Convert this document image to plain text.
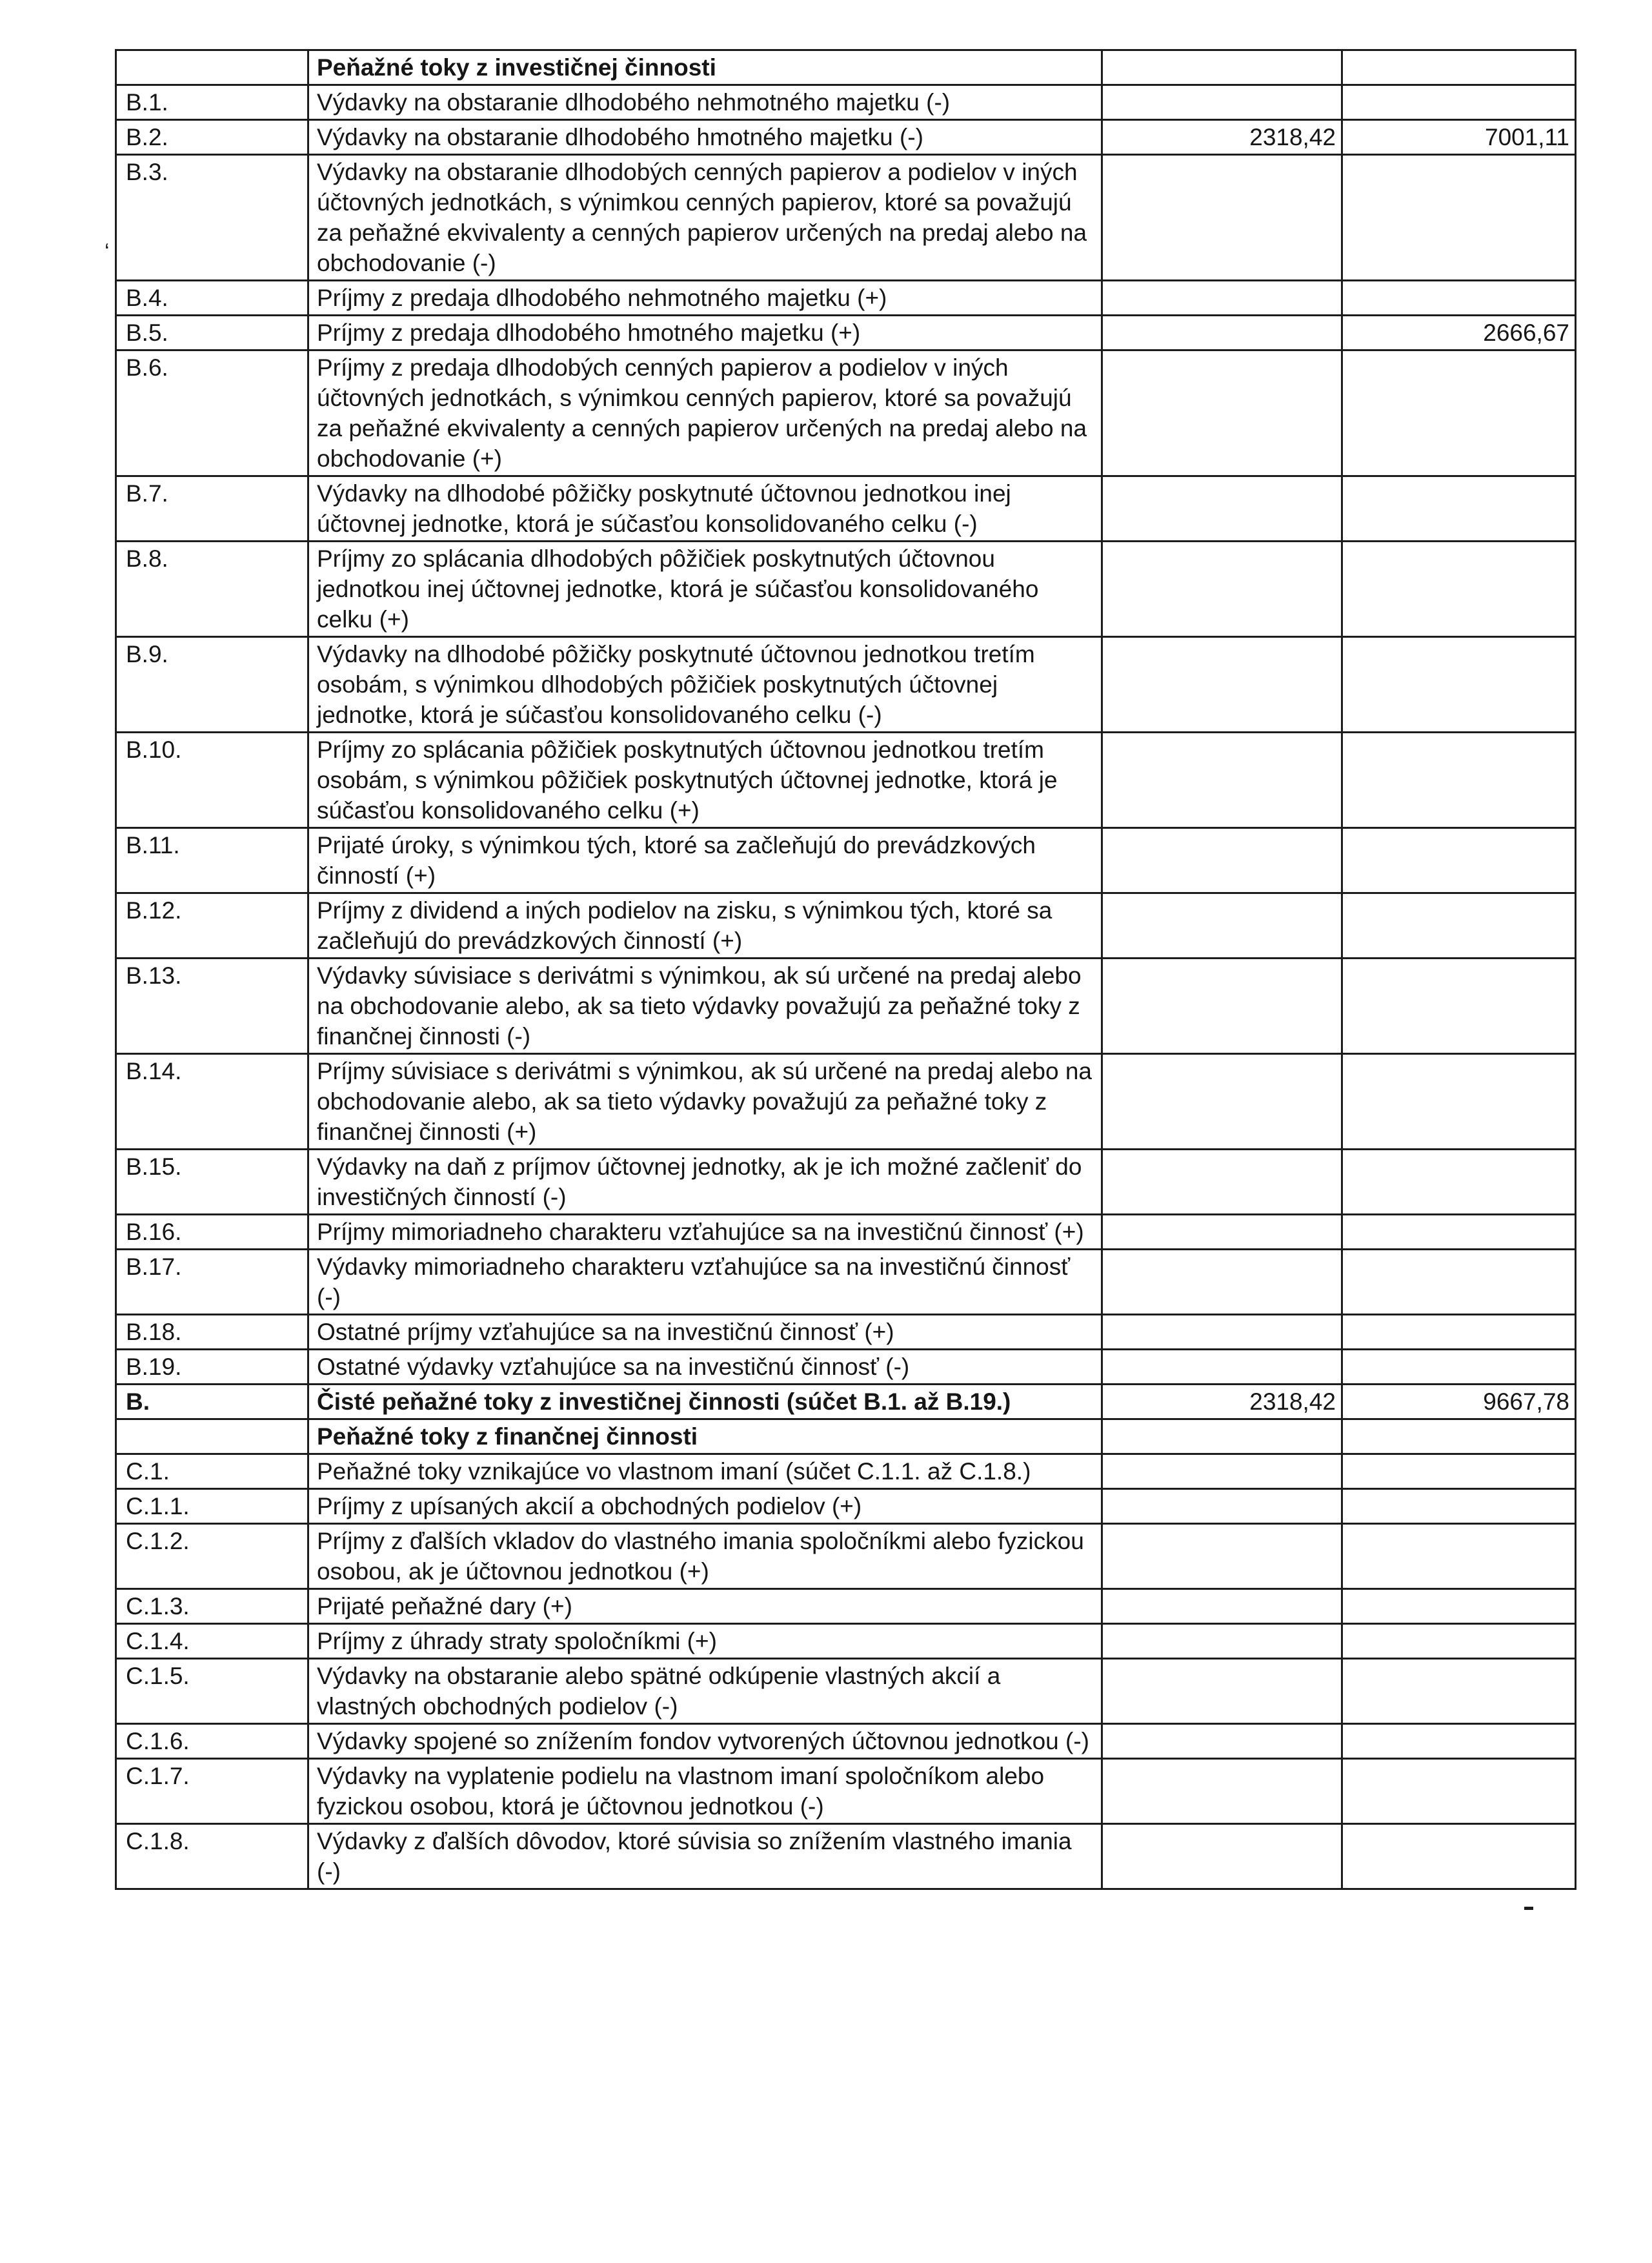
ʻ
	Peňažné toky z investičnej činnosti		
B.1.	Výdavky na obstaranie dlhodobého nehmotného majetku (-)		
B.2.	Výdavky na obstaranie dlhodobého hmotného majetku (-)	2318,42	7001,11
B.3.	Výdavky na obstaranie dlhodobých cenných papierov a podielov v iných účtovných jednotkách, s výnimkou cenných papierov, ktoré sa považujú za peňažné ekvivalenty a cenných papierov určených na predaj alebo na obchodovanie (-)		
B.4.	Príjmy z predaja dlhodobého nehmotného majetku (+)		
B.5.	Príjmy z predaja dlhodobého hmotného majetku (+)		2666,67
B.6.	Príjmy z predaja dlhodobých cenných papierov a podielov v iných účtovných jednotkách, s výnimkou cenných papierov, ktoré sa považujú za peňažné ekvivalenty a cenných papierov určených na predaj alebo na obchodovanie (+)		
B.7.	Výdavky na dlhodobé pôžičky poskytnuté účtovnou jednotkou inej účtovnej jednotke, ktorá je súčasťou konsolidovaného celku (-)		
B.8.	Príjmy zo splácania dlhodobých pôžičiek poskytnutých účtovnou jednotkou inej účtovnej jednotke, ktorá je súčasťou konsolidovaného celku (+)		
B.9.	Výdavky na dlhodobé pôžičky poskytnuté účtovnou jednotkou tretím osobám, s výnimkou dlhodobých pôžičiek poskytnutých účtovnej jednotke, ktorá je súčasťou konsolidovaného celku (-)		
B.10.	Príjmy zo splácania pôžičiek poskytnutých účtovnou jednotkou tretím osobám, s výnimkou pôžičiek poskytnutých účtovnej jednotke, ktorá je súčasťou konsolidovaného celku (+)		
B.11.	Prijaté úroky, s výnimkou tých, ktoré sa začleňujú do prevádzkových činností (+)		
B.12.	Príjmy z dividend a iných podielov na zisku, s výnimkou tých, ktoré sa začleňujú do prevádzkových činností (+)		
B.13.	Výdavky súvisiace s derivátmi s výnimkou, ak sú určené na predaj alebo na obchodovanie alebo, ak sa tieto výdavky považujú za peňažné toky z finančnej činnosti (-)		
B.14.	Príjmy súvisiace s derivátmi s výnimkou, ak sú určené na predaj alebo na obchodovanie alebo, ak sa tieto výdavky považujú za peňažné toky z finančnej činnosti (+)		
B.15.	Výdavky na daň z príjmov účtovnej jednotky, ak je ich možné začleniť do investičných činností (-)		
B.16.	Príjmy mimoriadneho charakteru vzťahujúce sa na investičnú činnosť (+)		
B.17.	Výdavky mimoriadneho charakteru vzťahujúce sa na investičnú činnosť (-)		
B.18.	Ostatné príjmy vzťahujúce sa na investičnú činnosť (+)		
B.19.	Ostatné výdavky vzťahujúce sa na investičnú činnosť (-)		
B.	Čisté peňažné toky z investičnej činnosti (súčet B.1. až B.19.)	2318,42	9667,78
	Peňažné toky z finančnej činnosti		
C.1.	Peňažné toky vznikajúce vo vlastnom imaní (súčet C.1.1. až C.1.8.)		
C.1.1.	Príjmy z upísaných akcií a obchodných podielov (+)		
C.1.2.	Príjmy z ďalších vkladov do vlastného imania spoločníkmi alebo fyzickou osobou, ak je účtovnou jednotkou (+)		
C.1.3.	Prijaté peňažné dary (+)		
C.1.4.	Príjmy z úhrady straty spoločníkmi (+)		
C.1.5.	Výdavky na obstaranie alebo spätné odkúpenie vlastných akcií a vlastných obchodných podielov (-)		
C.1.6.	Výdavky spojené so znížením fondov vytvorených účtovnou jednotkou (-)		
C.1.7.	Výdavky na vyplatenie podielu na vlastnom imaní spoločníkom alebo fyzickou osobou, ktorá je účtovnou jednotkou (-)		
C.1.8.	Výdavky z ďalších dôvodov, ktoré súvisia so znížením vlastného imania (-)		
